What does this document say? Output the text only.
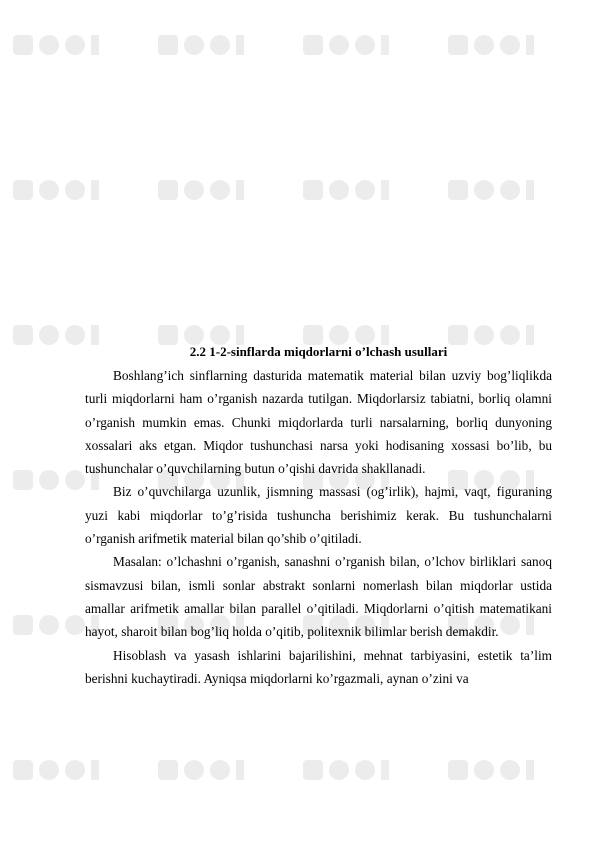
2.2 1-2-sinflarda miqdorlarni o’lchash usullari

Boshlang’ich sinflarning dasturida matematik material bilan uzviy bog’liqlikda turli miqdorlarni ham o’rganish nazarda tutilgan. Miqdorlarsiz tabiatni, borliq olamni o’rganish mumkin emas. Chunki miqdorlarda turli narsalarning, borliq dunyoning xossalari aks etgan. Miqdor tushunchasi narsa yoki hodisaning xossasi bo’lib, bu tushunchalar o’quvchilarning butun o’qishi davrida shakllanadi.

Biz o’quvchilarga uzunlik, jismning massasi (og’irlik), hajmi, vaqt, figuraning yuzi kabi miqdorlar to’g’risida tushuncha berishimiz kerak. Bu tushunchalarni o’rganish arifmetik material bilan qo’shib o’qitiladi.

Masalan: o’lchashni o’rganish, sanashni o’rganish bilan, o’lchov birliklari sanoq sismavzusi bilan, ismli sonlar abstrakt sonlarni nomerlash bilan miqdorlar ustida amallar arifmetik amallar bilan parallel o’qitiladi. Miqdorlarni o’qitish matematikani hayot, sharoit bilan bog’liq holda o’qitib, politexnik bilimlar berish demakdir.

Hisoblash va yasash ishlarini bajarilishini, mehnat tarbiyasini, estetik ta’lim berishni kuchaytiradi. Ayniqsa miqdorlarni ko’rgazmali, aynan o’zini va
